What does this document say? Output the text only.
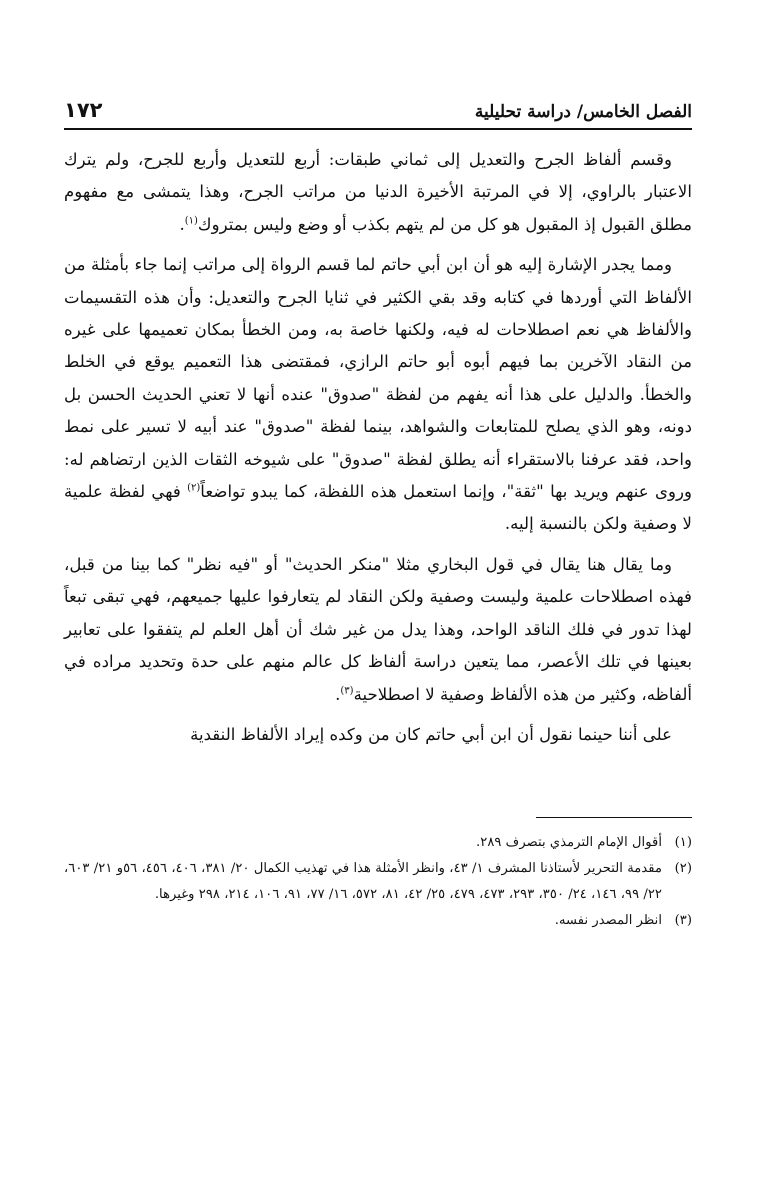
الفصل الخامس/ دراسة تحليلية
١٧٢

وقسم ألفاظ الجرح والتعديل إلى ثماني طبقات: أربع للتعديل وأربع للجرح، ولم يترك الاعتبار بالراوي، إلا في المرتبة الأخيرة الدنيا من مراتب الجرح، وهذا يتمشى مع مفهوم مطلق القبول إذ المقبول هو كل من لم يتهم بكذب أو وضع وليس بمتروك$^{(١)}$.

ومما يجدر الإشارة إليه هو أن ابن أبي حاتم لما قسم الرواة إلى مراتب إنما جاء بأمثلة من الألفاظ التي أوردها في كتابه وقد بقي الكثير في ثنايا الجرح والتعديل: وأن هذه التقسيمات والألفاظ هي نعم اصطلاحات له فيه، ولكنها خاصة به، ومن الخطأ بمكان تعميمها على غيره من النقاد الآخرين بما فيهم أبوه أبو حاتم الرازي، فمقتضى هذا التعميم يوقع في الخلط والخطأ. والدليل على هذا أنه يفهم من لفظة "صدوق" عنده أنها لا تعني الحديث الحسن بل دونه، وهو الذي يصلح للمتابعات والشواهد، بينما لفظة "صدوق" عند أبيه لا تسير على نمط واحد، فقد عرفنا بالاستقراء أنه يطلق لفظة "صدوق" على شيوخه الثقات الذين ارتضاهم له: وروى عنهم ويريد بها "ثقة"، وإنما استعمل هذه اللفظة، كما يبدو تواضعاً$^{(٢)}$ فهي لفظة علمية لا وصفية ولكن بالنسبة إليه.

وما يقال هنا يقال في قول البخاري مثلا "منكر الحديث" أو "فيه نظر" كما بينا من قبل، فهذه اصطلاحات علمية وليست وصفية ولكن النقاد لم يتعارفوا عليها جميعهم، فهي تبقى تبعاً لهذا تدور في فلك الناقد الواحد، وهذا يدل من غير شك أن أهل العلم لم يتفقوا على تعابير بعينها في تلك الأعصر، مما يتعين دراسة ألفاظ كل عالم منهم على حدة وتحديد مراده في ألفاظه، وكثير من هذه الألفاظ وصفية لا اصطلاحية$^{(٣)}$.

على أننا حينما نقول أن ابن أبي حاتم كان من وكده إيراد الألفاظ النقدية

(١)
أقوال الإمام الترمذي بتصرف ٢٨٩.
(٢)
مقدمة التحرير لأستاذنا المشرف ١/ ٤٣، وانظر الأمثلة هذا في تهذيب الكمال ٢٠/ ٣٨١، ٤٠٦، ٤٥٦، ٥٦و ٢١/ ٦٠٣، ٢٢/ ٩٩، ١٤٦، ٢٤/ ٣٥٠، ٢٩٣، ٤٧٣، ٤٧٩، ٢٥/ ٤٢، ٨١، ٥٧٢، ١٦/ ٧٧، ٩١، ١٠٦، ٢١٤، ٢٩٨ وغيرها.
(٣)
انظر المصدر نفسه.
